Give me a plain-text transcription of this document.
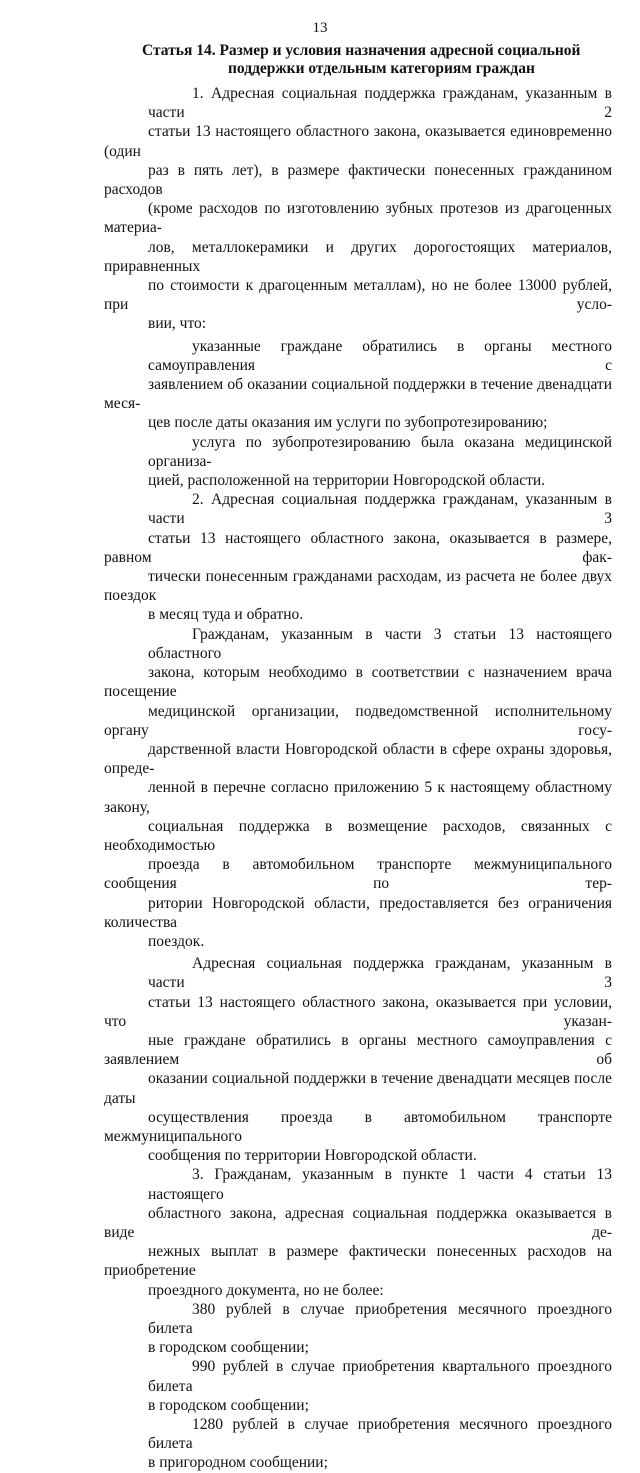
13
Статья 14. Размер и условия назначения адресной социальной
поддержки отдельным категориям граждан
1. Адресная социальная поддержка гражданам, указанным в части 2
статьи 13 настоящего областного закона, оказывается единовременно (один
раз в пять лет), в размере фактически понесенных гражданином расходов
(кроме расходов по изготовлению зубных протезов из драгоценных материа-
лов, металлокерамики и других дорогостоящих материалов, приравненных
по стоимости к драгоценным металлам), но не более 13000 рублей, при усло-
вии, что:
указанные граждане обратились в органы местного самоуправления с
заявлением об оказании социальной поддержки в течение двенадцати меся-
цев после даты оказания им услуги по зубопротезированию;
услуга по зубопротезированию была оказана медицинской организа-
цией, расположенной на территории Новгородской области.
2. Адресная социальная поддержка гражданам, указанным в части 3
статьи 13 настоящего областного закона, оказывается в размере, равном фак-
тически понесенным гражданами расходам, из расчета не более двух поездок
в месяц туда и обратно.
Гражданам, указанным в части 3 статьи 13 настоящего областного
закона, которым необходимо в соответствии с назначением врача посещение
медицинской организации, подведомственной исполнительному органу госу-
дарственной власти Новгородской области в сфере охраны здоровья, опреде-
ленной в перечне согласно приложению 5 к настоящему областному закону,
социальная поддержка в возмещение расходов, связанных с необходимостью
проезда в автомобильном транспорте межмуниципального сообщения по тер-
ритории Новгородской области, предоставляется без ограничения количества
поездок.
Адресная социальная поддержка гражданам, указанным в части 3
статьи 13 настоящего областного закона, оказывается при условии, что указан-
ные граждане обратились в органы местного самоуправления с заявлением об
оказании социальной поддержки в течение двенадцати месяцев после даты
осуществления проезда в автомобильном транспорте межмуниципального
сообщения по территории Новгородской области.
3. Гражданам, указанным в пункте 1 части 4 статьи 13 настоящего
областного закона, адресная социальная поддержка оказывается в виде де-
нежных выплат в размере фактически понесенных расходов на приобретение
проездного документа, но не более:
380 рублей в случае приобретения месячного проездного билета
в городском сообщении;
990 рублей в случае приобретения квартального проездного билета
в городском сообщении;
1280 рублей в случае приобретения месячного проездного билета
в пригородном сообщении;
